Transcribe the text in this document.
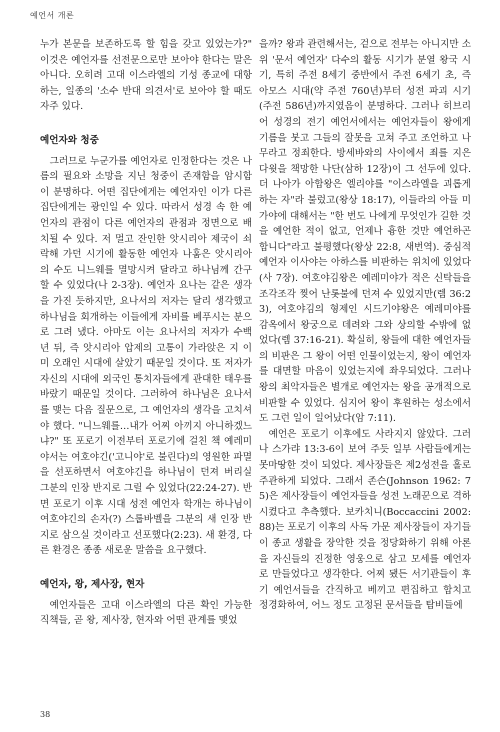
예언서 개론

누가 본문을 보존하도록 할 힘을 갖고 있었는가?" 이것은 예언자를 선전문으로만 보아야 한다는 말은 아니다. 오히려 고대 이스라엘의 기성 종교에 대항하는, 일종의 '소수 반대 의견서'로 보아야 할 때도 자주 있다.

예언자와 청중

그러므로 누군가를 예언자로 인정한다는 것은 나름의 필요와 소망을 지닌 청중이 존재함을 암시함이 분명하다. 어떤 집단에게는 예언자인 이가 다른 집단에게는 광인일 수 있다. 따라서 성경 속 한 예언자의 관점이 다른 예언자의 관점과 정면으로 배치될 수 있다. 저 멀고 잔인한 앗시리아 제국이 쇠락해 가던 시기에 활동한 예언자 나훔은 앗시리아의 수도 니느웨를 멸망시켜 달라고 하나님께 간구할 수 있었다(나 2-3장). 예언자 요나는 같은 생각을 가진 듯하지만, 요나서의 저자는 달리 생각했고 하나님을 회개하는 이들에게 자비를 베푸시는 분으로 그려 냈다. 아마도 이는 요나서의 저자가 수백 년 뒤, 즉 앗시리아 압제의 고통이 가라앉은 지 이미 오래인 시대에 살았기 때문일 것이다. 또 저자가 자신의 시대에 외국인 통치자들에게 관대한 태우를 바랐기 때문일 것이다. 그러하여 하나님은 요나서를 맺는 다음 질문으로, 그 예언자의 생각을 고치셔야 했다. "니느웨를…내가 어찌 아끼지 아니하겠느냐?" 또 포로기 이전부터 포로기에 걸친 책 예레미야서는 여호야긴('고니야'로 불린다)의 영원한 파멸을 선포하면서 여호야긴을 하나님이 던져 버리실 그분의 인장 반지로 그릴 수 있었다(22:24-27). 반면 포로기 이후 시대 성전 예언자 학개는 하나님이 여호야긴의 손자(?) 스룹바벨을 그분의 새 인장 반지로 삼으실 것이라고 선포했다(2:23). 새 환경, 다른 환경은 종종 새로운 말씀을 요구했다.

예언자, 왕, 제사장, 현자

예언자들은 고대 이스라엘의 다른 확인 가능한 직책들, 곧 왕, 제사장, 현자와 어떤 관계를 맺었

을까? 왕과 관련해서는, 겉으로 전부는 아니지만 소위 '문서 예언자' 다수의 활동 시기가 분열 왕국 시기, 특히 주전 8세기 중반에서 주전 6세기 초, 즉 아모스 시대(약 주전 760년)부터 성전 파괴 시기(주전 586년)까지였음이 분명하다. 그러나 히브리어 성경의 전기 예언서에서는 예언자들이 왕에게 기름을 붓고 그들의 잘못을 고쳐 주고 조언하고 나무라고 정죄한다. 방세바와의 사이에서 죄를 지은 다윗을 책망한 나단(삼하 12장)이 그 선두에 있다. 더 나아가 아합왕은 엘리야를 "이스라엘을 괴롭게 하는 자"라 불렀고(왕상 18:17), 이들라의 아들 미가야에 대해서는 "한 번도 나에게 무엇인가 길한 것을 예언한 적이 없고, 언제나 흉한 것만 예언하곤 합니다"라고 불평했다(왕상 22:8, 새번역). 중심적 예언자 이사야는 아하스를 비판하는 위치에 있었다(사 7장). 여호야김왕은 예레미야가 적은 신탁들을 조각조각 찢어 난롯불에 던져 수 있었지만(렘 36:23), 여호야김의 형제인 시드기야왕은 예레미야를 감옥에서 왕궁으로 데려와 그와 상의할 수밖에 없었다(렘 37:16-21). 확실히, 왕들에 대한 예언자들의 비판은 그 왕이 어떤 인물이었는지, 왕이 예언자를 대면할 마음이 있었는지에 좌우되었다. 그러나 왕의 최악자들은 별개로 예언자는 왕을 공개적으로 비판할 수 있었다. 심지어 왕이 후원하는 성소에서도 그런 일이 일어났다(암 7:11).

예언은 포로기 이후에도 사라지지 않았다. 그러나 스가랴 13:3-6이 보여 주듯 일부 사람들에게는 못마땅한 것이 되었다. 제사장들은 제2성전을 홀로 주관하게 되었다. 그래서 존슨(Johnson 1962: 75)은 제사장들이 예언자들을 성전 노래꾼으로 격하시켰다고 추측했다. 보카치니(Boccaccini 2002: 88)는 포로기 이후의 사독 가문 제사장들이 자기들이 종교 생활을 장악한 것을 정당화하기 위해 아론을 자신들의 진정한 영웅으로 삼고 모세를 예언자로 만들었다고 생각한다. 어찌 됐든 서기관들이 후기 예언서들을 간직하고 베끼고 편집하고 합치고 정경화하여, 어느 정도 고정된 문서들을 탐비들에

38
